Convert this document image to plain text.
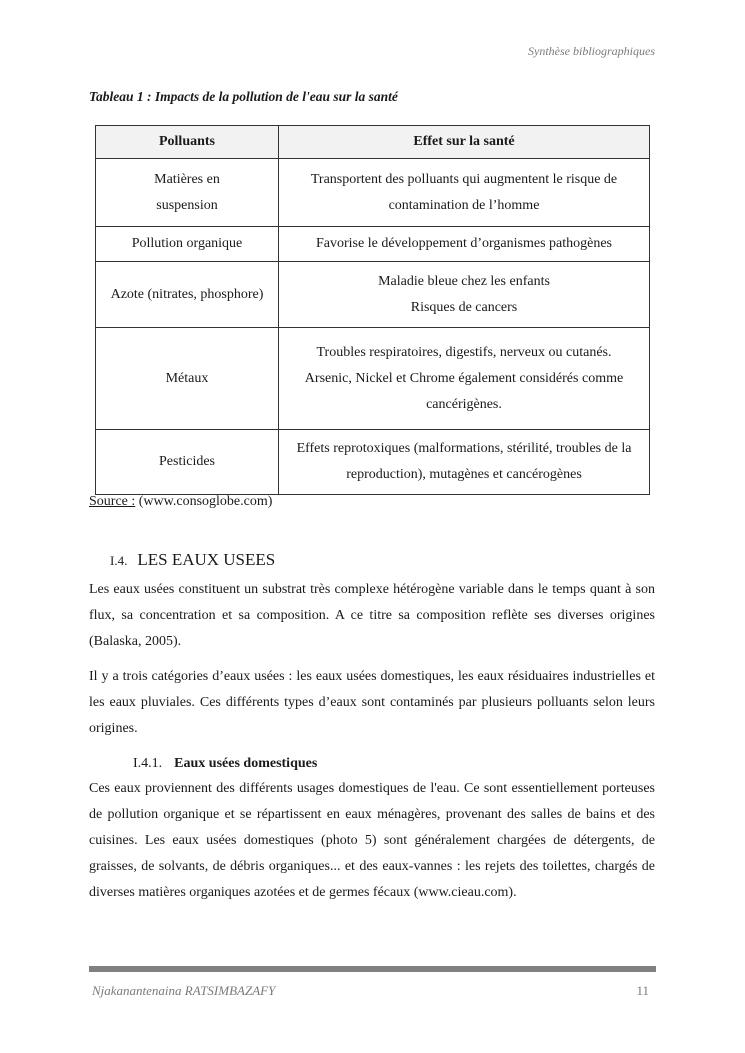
Synthèse bibliographiques
Tableau 1 : Impacts de la pollution de l'eau sur la santé
Polluants	Effet sur la santé
Matières en
suspension	Transportent des polluants qui augmentent le risque de
contamination de l’homme
Pollution organique	Favorise le développement d’organismes pathogènes
Azote (nitrates, phosphore)	Maladie bleue chez les enfants
Risques de cancers
Métaux	Troubles respiratoires, digestifs, nerveux ou cutanés.
Arsenic, Nickel et Chrome également considérés comme
cancérigènes.
Pesticides	Effets reprotoxiques (malformations, stérilité, troubles de la
reproduction), mutagènes et cancérogènes
Source : (www.consoglobe.com)
I.4. LES EAUX USEES
Les eaux usées constituent un substrat très complexe hétérogène variable dans le temps quant à son flux, sa concentration et sa composition. A ce titre sa composition reflète ses diverses origines (Balaska, 2005).
Il y a trois catégories d’eaux usées : les eaux usées domestiques, les eaux résiduaires industrielles et les eaux pluviales. Ces différents types d’eaux sont contaminés par plusieurs polluants selon leurs origines.
I.4.1. Eaux usées domestiques
Ces eaux proviennent des différents usages domestiques de l'eau. Ce sont essentiellement porteuses de pollution organique et se répartissent en eaux ménagères, provenant des salles de bains et des cuisines. Les eaux usées domestiques (photo 5) sont généralement chargées de détergents, de graisses, de solvants, de débris organiques... et des eaux-vannes : les rejets des toilettes, chargés de diverses matières organiques azotées et de germes fécaux (www.cieau.com).
Njakanantenaina RATSIMBAZAFY	11
